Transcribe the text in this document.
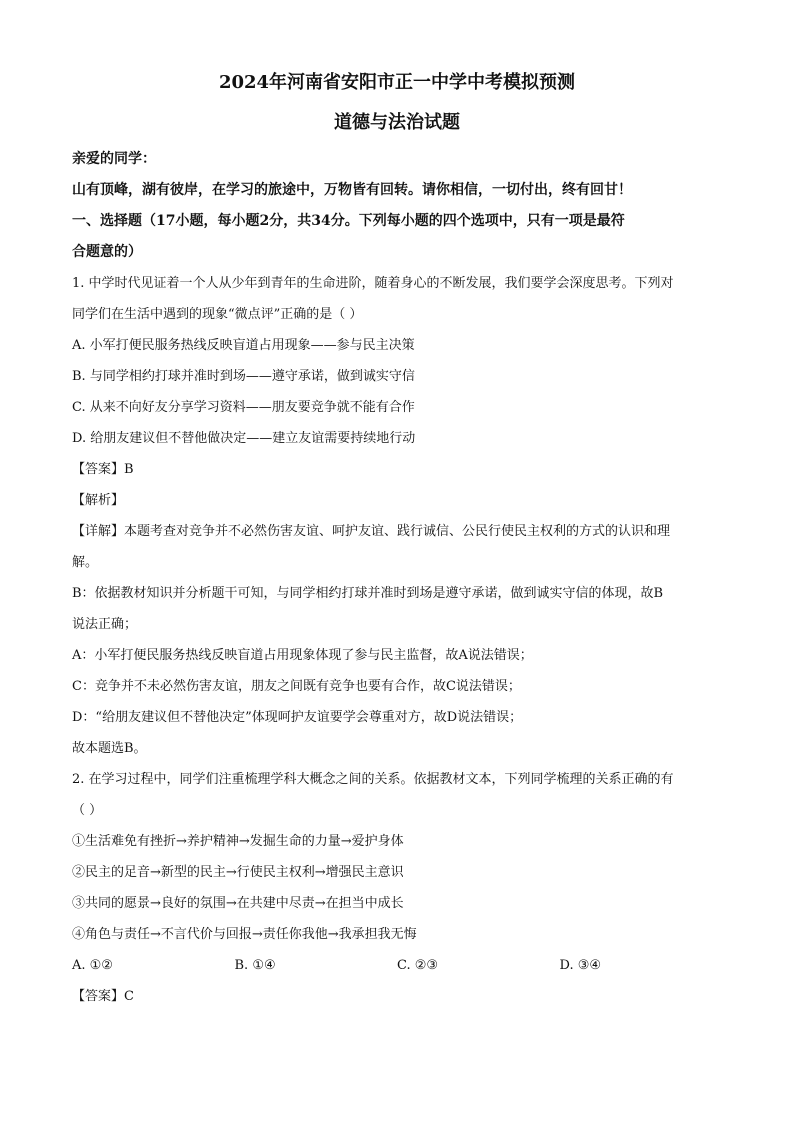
2024年河南省安阳市正一中学中考模拟预测
道德与法治试题

亲爱的同学：

山有顶峰，湖有彼岸，在学习的旅途中，万物皆有回转。请你相信，一切付出，终有回甘！

一、选择题（17小题，每小题2分，共34分。下列每小题的四个选项中，只有一项是最符

合题意的）

1. 中学时代见证着一个人从少年到青年的生命进阶，随着身心的不断发展，我们要学会深度思考。下列对

同学们在生活中遇到的现象“微点评”正确的是（ ）

A. 小军打便民服务热线反映盲道占用现象——参与民主决策

B. 与同学相约打球并准时到场——遵守承诺，做到诚实守信

C. 从来不向好友分享学习资料——朋友要竞争就不能有合作

D. 给朋友建议但不替他做决定——建立友谊需要持续地行动

【答案】B

【解析】

【详解】本题考查对竞争并不必然伤害友谊、呵护友谊、践行诚信、公民行使民主权利的方式的认识和理

解。

B：依据教材知识并分析题干可知，与同学相约打球并准时到场是遵守承诺，做到诚实守信的体现，故B

说法正确；

A：小军打便民服务热线反映盲道占用现象体现了参与民主监督，故A说法错误；

C：竞争并不未必然伤害友谊，朋友之间既有竞争也要有合作，故C说法错误；

D：“给朋友建议但不替他决定”体现呵护友谊要学会尊重对方，故D说法错误；

故本题选B。

2. 在学习过程中，同学们注重梳理学科大概念之间的关系。依据教材文本，下列同学梳理的关系正确的有

（ ）

①生活难免有挫折→养护精神→发掘生命的力量→爱护身体

②民主的足音→新型的民主→行使民主权利→增强民主意识

③共同的愿景→良好的氛围→在共建中尽责→在担当中成长

④角色与责任→不言代价与回报→责任你我他→我承担我无悔

A. ①②	B. ①④	C. ②③	D. ③④

【答案】C
